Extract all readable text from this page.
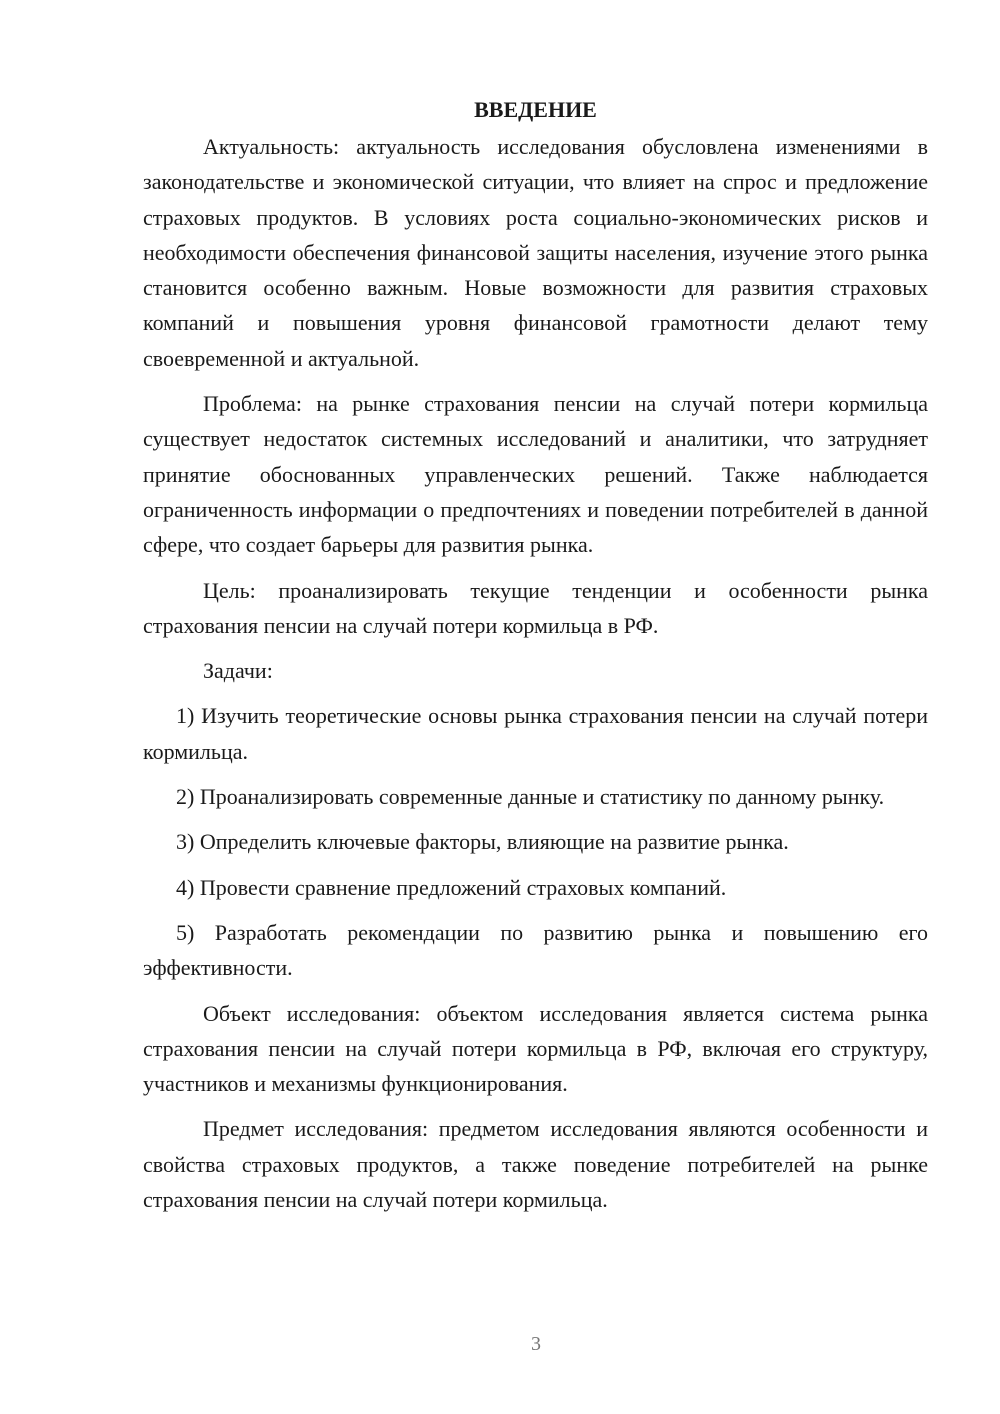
ВВЕДЕНИЕ

Актуальность: актуальность исследования обусловлена изменениями в законодательстве и экономической ситуации, что влияет на спрос и предложение страховых продуктов. В условиях роста социально-экономических рисков и необходимости обеспечения финансовой защиты населения, изучение этого рынка становится особенно важным. Новые возможности для развития страховых компаний и повышения уровня финансовой грамотности делают тему своевременной и актуальной.

Проблема: на рынке страхования пенсии на случай потери кормильца существует недостаток системных исследований и аналитики, что затрудняет принятие обоснованных управленческих решений. Также наблюдается ограниченность информации о предпочтениях и поведении потребителей в данной сфере, что создает барьеры для развития рынка.

Цель: проанализировать текущие тенденции и особенности рынка страхования пенсии на случай потери кормильца в РФ.

Задачи:

1) Изучить теоретические основы рынка страхования пенсии на случай потери кормильца.

2) Проанализировать современные данные и статистику по данному рынку.

3) Определить ключевые факторы, влияющие на развитие рынка.

4) Провести сравнение предложений страховых компаний.

5) Разработать рекомендации по развитию рынка и повышению его эффективности.

Объект исследования: объектом исследования является система рынка страхования пенсии на случай потери кормильца в РФ, включая его структуру, участников и механизмы функционирования.

Предмет исследования: предметом исследования являются особенности и свойства страховых продуктов, а также поведение потребителей на рынке страхования пенсии на случай потери кормильца.

3
